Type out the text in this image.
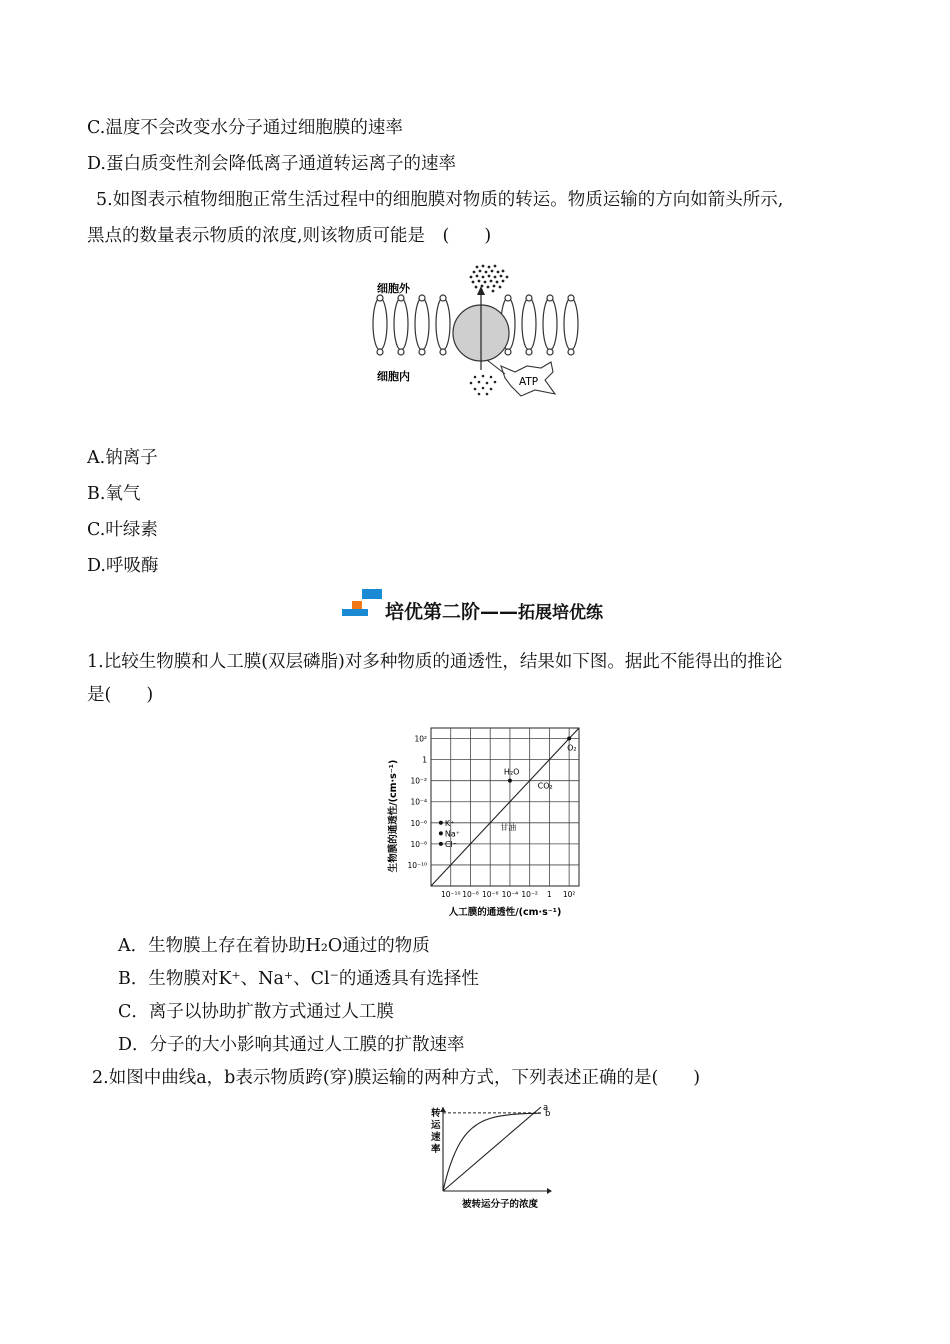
C.温度不会改变水分子通过细胞膜的速率
D.蛋白质变性剂会降低离子通道转运离子的速率
5.如图表示植物细胞正常生活过程中的细胞膜对物质的转运。物质运输的方向如箭头所示,
黑点的数量表示物质的浓度,则该物质可能是　(　　)
细胞外
细胞内	ATP
A.钠离子
B.氧气
C.叶绿素
D.呼吸酶
培优第二阶——拓展培优练
1.比较生物膜和人工膜(双层磷脂)对多种物质的通透性，结果如下图。据此不能得出的推论
是(　　)
10⁻¹⁰ 10⁻⁸ 10⁻⁶ 10⁻⁴ 10⁻² 1 10²
10²
1
10⁻²
10⁻⁴
10⁻⁶
10⁻⁸
10⁻¹⁰
O₂
H₂O
CO₂
K⁺
Na⁺
Cl⁻
甘油
生物膜的通透性/(cm·s⁻¹)
人工膜的通透性/(cm·s⁻¹)
A．生物膜上存在着协助H₂O通过的物质
B．生物膜对K⁺、Na⁺、Cl⁻的通透具有选择性
C．离子以协助扩散方式通过人工膜
D．分子的大小影响其通过人工膜的扩散速率
2.如图中曲线a，b表示物质跨(穿)膜运输的两种方式，下列表述正确的是(　　)
a
b
转
运
速
率
转运速率
被转运分子的浓度
